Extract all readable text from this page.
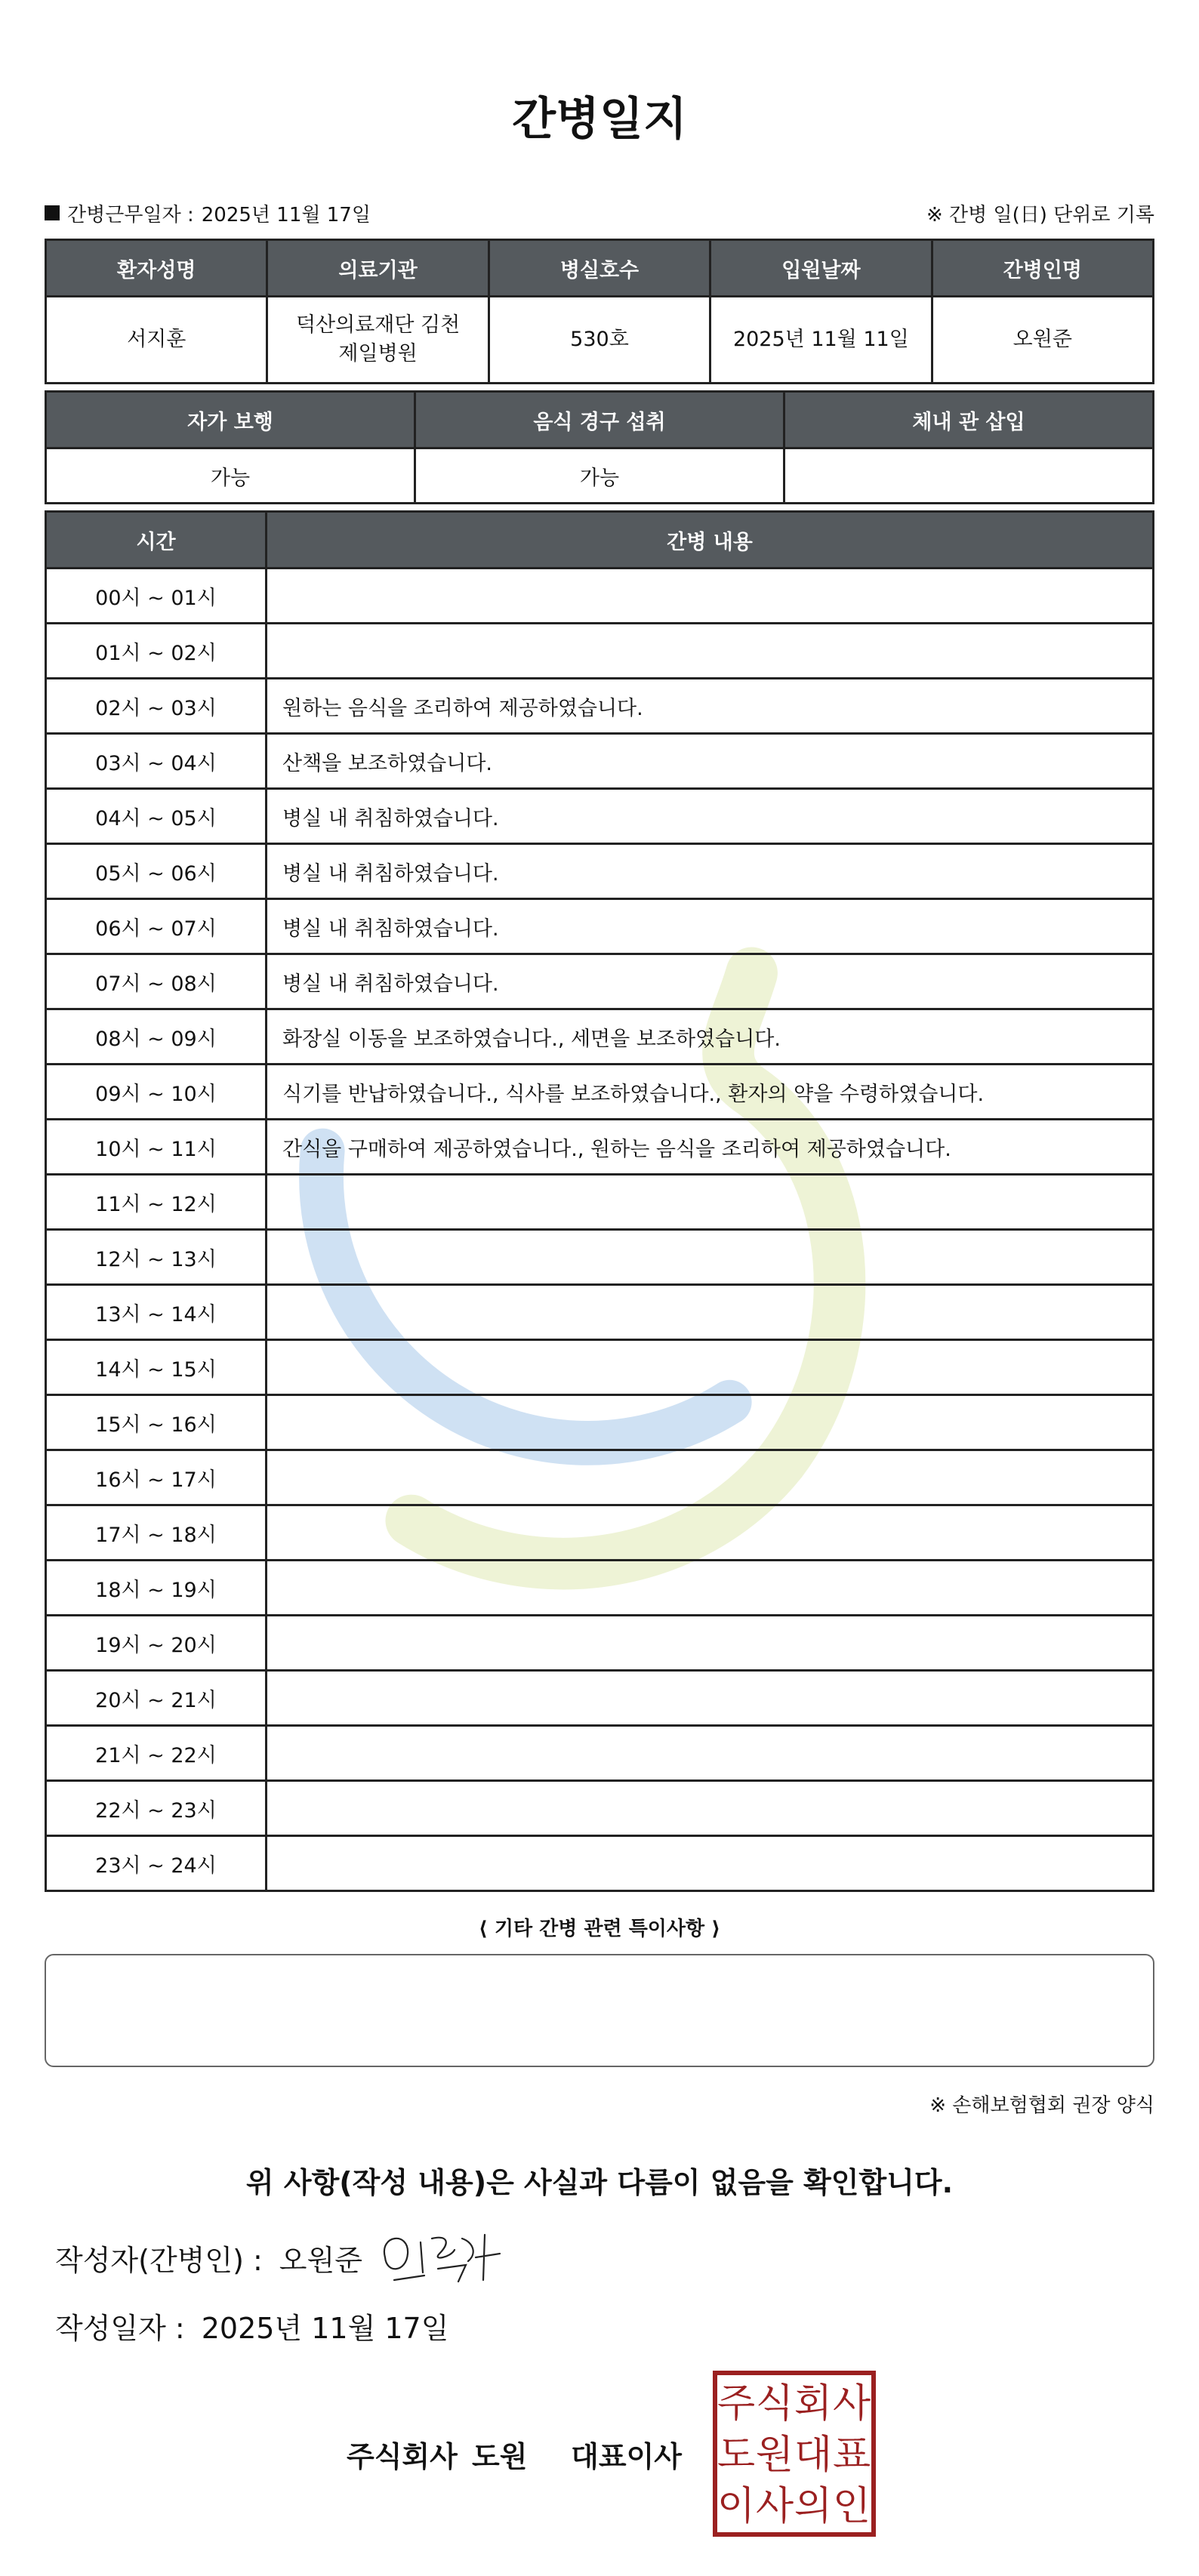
간병일지
간병근무일자 : 2025년 11월 17일	※ 간병 일(日) 단위로 기록
환자성명	의료기관	병실호수	입원날짜	간병인명
서지훈	덕산의료재단 김천제일병원	530호	2025년 11월 11일	오원준
자가 보행	음식 경구 섭취	체내 관 삽입
가능	가능	
시간	간병 내용
00시 ~ 01시	
01시 ~ 02시	
02시 ~ 03시	원하는 음식을 조리하여 제공하였습니다.
03시 ~ 04시	산책을 보조하였습니다.
04시 ~ 05시	병실 내 취침하였습니다.
05시 ~ 06시	병실 내 취침하였습니다.
06시 ~ 07시	병실 내 취침하였습니다.
07시 ~ 08시	병실 내 취침하였습니다.
08시 ~ 09시	화장실 이동을 보조하였습니다., 세면을 보조하였습니다.
09시 ~ 10시	식기를 반납하였습니다., 식사를 보조하였습니다., 환자의 약을 수령하였습니다.
10시 ~ 11시	간식을 구매하여 제공하였습니다., 원하는 음식을 조리하여 제공하였습니다.
11시 ~ 12시	
12시 ~ 13시	
13시 ~ 14시	
14시 ~ 15시	
15시 ~ 16시	
16시 ~ 17시	
17시 ~ 18시	
18시 ~ 19시	
19시 ~ 20시	
20시 ~ 21시	
21시 ~ 22시	
22시 ~ 23시	
23시 ~ 24시	
⟨ 기타 간병 관련 특이사항 ⟩
※ 손해보험협회 권장 양식
위 사항(작성 내용)은 사실과 다름이 없음을 확인합니다.
작성자(간병인) : 오원준
작성일자 : 2025년 11월 17일
주식회사 도원   대표이사
주 식 회 사
도 원 대 표
이 사 의 인
